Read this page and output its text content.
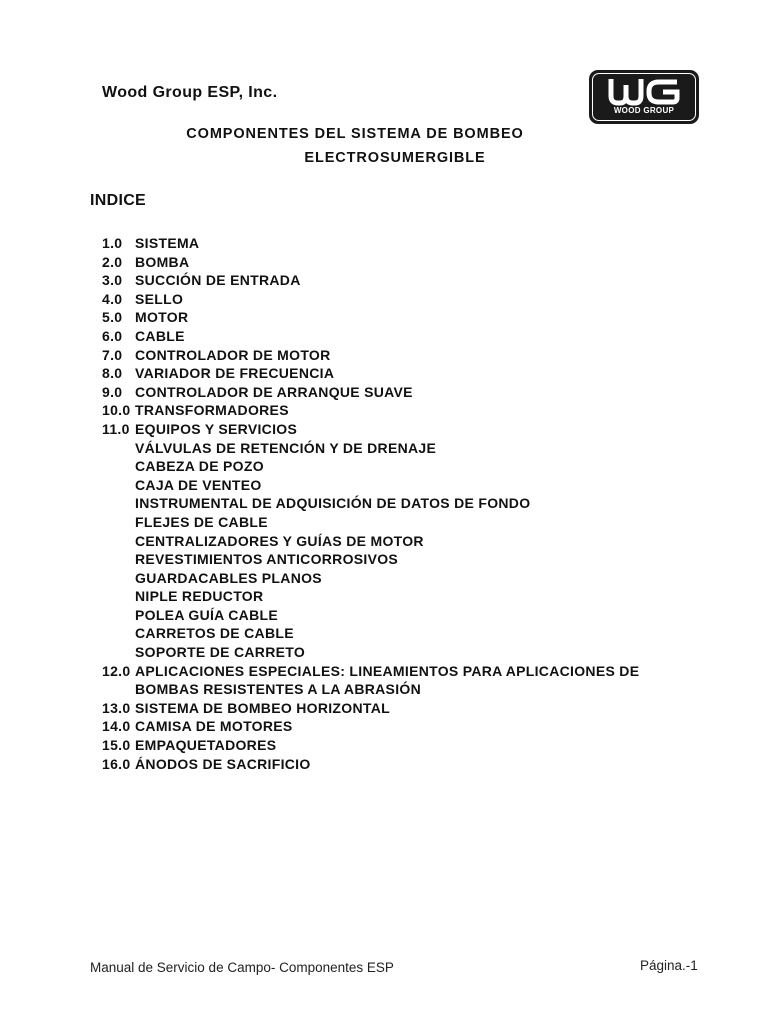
Wood Group ESP, Inc.
WOOD GROUP
COMPONENTES DEL SISTEMA DE BOMBEO
ELECTROSUMERGIBLE
INDICE
1.0 SISTEMA
2.0 BOMBA
3.0 SUCCIÓN DE ENTRADA
4.0 SELLO
5.0 MOTOR
6.0 CABLE
7.0 CONTROLADOR DE MOTOR
8.0 VARIADOR DE FRECUENCIA
9.0 CONTROLADOR DE ARRANQUE SUAVE
10.0 TRANSFORMADORES
11.0 EQUIPOS Y SERVICIOS
VÁLVULAS DE RETENCIÓN Y DE DRENAJE
CABEZA DE POZO
CAJA DE VENTEO
INSTRUMENTAL DE ADQUISICIÓN DE DATOS DE FONDO
FLEJES DE CABLE
CENTRALIZADORES Y GUÍAS DE MOTOR
REVESTIMIENTOS ANTICORROSIVOS
GUARDACABLES PLANOS
NIPLE REDUCTOR
POLEA GUÍA CABLE
CARRETOS DE CABLE
SOPORTE DE CARRETO
12.0 APLICACIONES ESPECIALES: LINEAMIENTOS PARA APLICACIONES DE
BOMBAS RESISTENTES A LA ABRASIÓN
13.0 SISTEMA DE BOMBEO HORIZONTAL
14.0 CAMISA DE MOTORES
15.0 EMPAQUETADORES
16.0 ÁNODOS DE SACRIFICIO
Manual de Servicio de Campo- Componentes ESP	Página.-1
